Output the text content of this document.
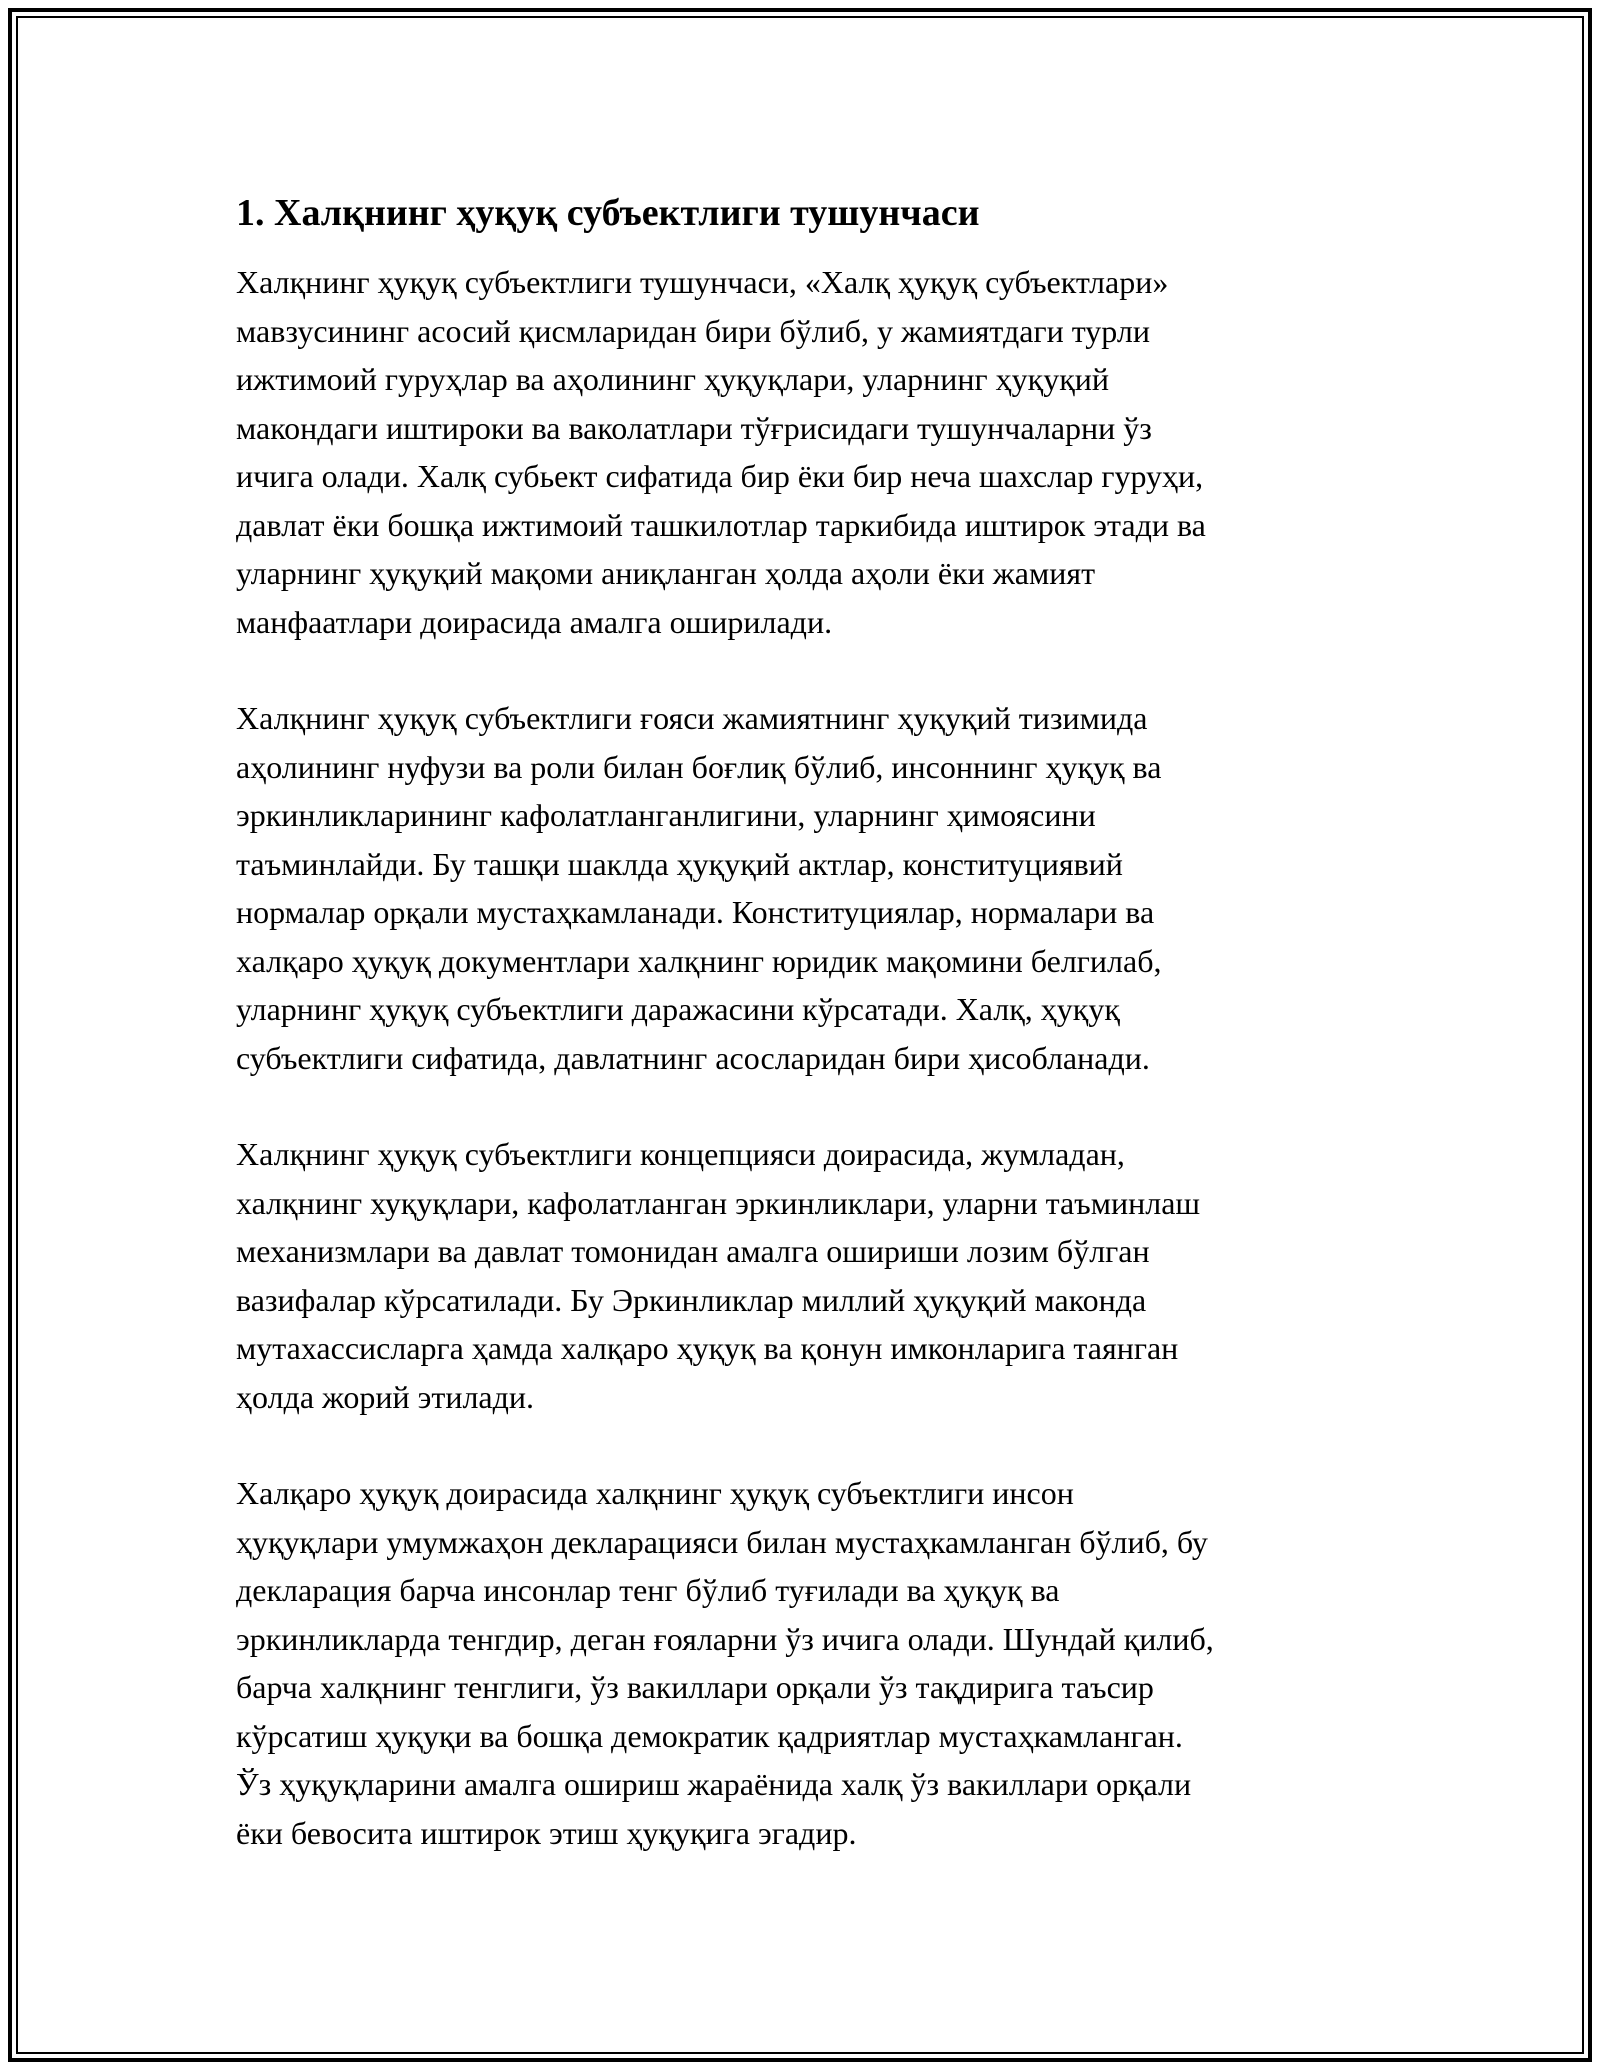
1. Халқнинг ҳуқуқ субъектлиги тушунчаси

Халқнинг ҳуқуқ субъектлиги тушунчаси, «Халқ ҳуқуқ субъектлари»
мавзусининг асосий қисмларидан бири бўлиб, у жамиятдаги турли
ижтимоий гуруҳлар ва аҳолининг ҳуқуқлари, уларнинг ҳуқуқий
макондаги иштироки ва ваколатлари тўғрисидаги тушунчаларни ўз
ичига олади. Халқ субьект сифатида бир ёки бир неча шахслар гуруҳи,
давлат ёки бошқа ижтимоий ташкилотлар таркибида иштирок этади ва
уларнинг ҳуқуқий мақоми аниқланган ҳолда аҳоли ёки жамият
манфаатлари доирасида амалга оширилади.

Халқнинг ҳуқуқ субъектлиги ғояси жамиятнинг ҳуқуқий тизимида
аҳолининг нуфузи ва роли билан боғлиқ бўлиб, инсоннинг ҳуқуқ ва
эркинликларининг кафолатланганлигини, уларнинг ҳимоясини
таъминлайди. Бу ташқи шаклда ҳуқуқий актлар, конституциявий
нормалар орқали мустаҳкамланади. Конституциялар, нормалари ва
халқаро ҳуқуқ документлари халқнинг юридик мақомини белгилаб,
уларнинг ҳуқуқ субъектлиги даражасини кўрсатади. Халқ, ҳуқуқ
субъектлиги сифатида, давлатнинг асосларидан бири ҳисобланади.

Халқнинг ҳуқуқ субъектлиги концепцияси доирасида, жумладан,
халқнинг хуқуқлари, кафолатланган эркинликлари, уларни таъминлаш
механизмлари ва давлат томонидан амалга ошириши лозим бўлган
вазифалар кўрсатилади. Бу Эркинликлар миллий ҳуқуқий маконда
мутахассисларга ҳамда халқаро ҳуқуқ ва қонун имконларига таянган
ҳолда жорий этилади.

Халқаро ҳуқуқ доирасида халқнинг ҳуқуқ субъектлиги инсон
ҳуқуқлари умумжаҳон декларацияси билан мустаҳкамланган бўлиб, бу
декларация барча инсонлар тенг бўлиб туғилади ва ҳуқуқ ва
эркинликларда тенгдир, деган ғояларни ўз ичига олади. Шундай қилиб,
барча халқнинг тенглиги, ўз вакиллари орқали ўз тақдирига таъсир
кўрсатиш ҳуқуқи ва бошқа демократик қадриятлар мустаҳкамланган.
Ўз ҳуқуқларини амалга ошириш жараёнида халқ ўз вакиллари орқали
ёки бевосита иштирок этиш ҳуқуқига эгадир.
